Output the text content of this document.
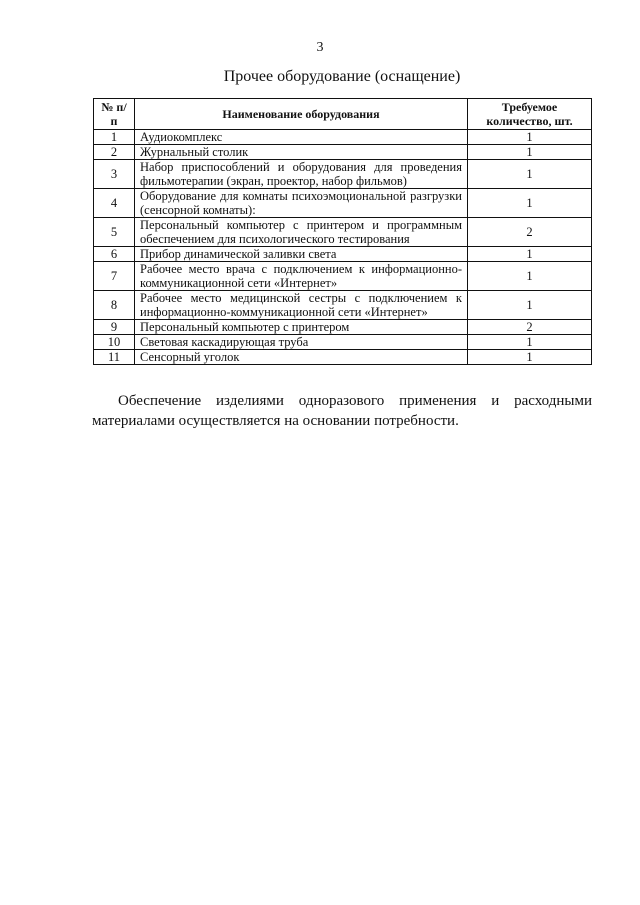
3
Прочее оборудование (оснащение)
№ п/п	Наименование оборудования	Требуемое количество, шт.
1	Аудиокомплекс	1
2	Журнальный столик	1
3	Набор приспособлений и оборудования для проведения фильмотерапии (экран, проектор, набор фильмов)	1
4	Оборудование для комнаты психоэмоциональной разгрузки (сенсорной комнаты):	1
5	Персональный компьютер с принтером и программным обеспечением для психологического тестирования	2
6	Прибор динамической заливки света	1
7	Рабочее место врача с подключением к информационно-коммуникационной сети «Интернет»	1
8	Рабочее место медицинской сестры с подключением к информационно-коммуникационной сети «Интернет»	1
9	Персональный компьютер с принтером	2
10	Световая каскадирующая труба	1
11	Сенсорный уголок	1
Обеспечение изделиями одноразового применения и расходными материалами осуществляется на основании потребности.
